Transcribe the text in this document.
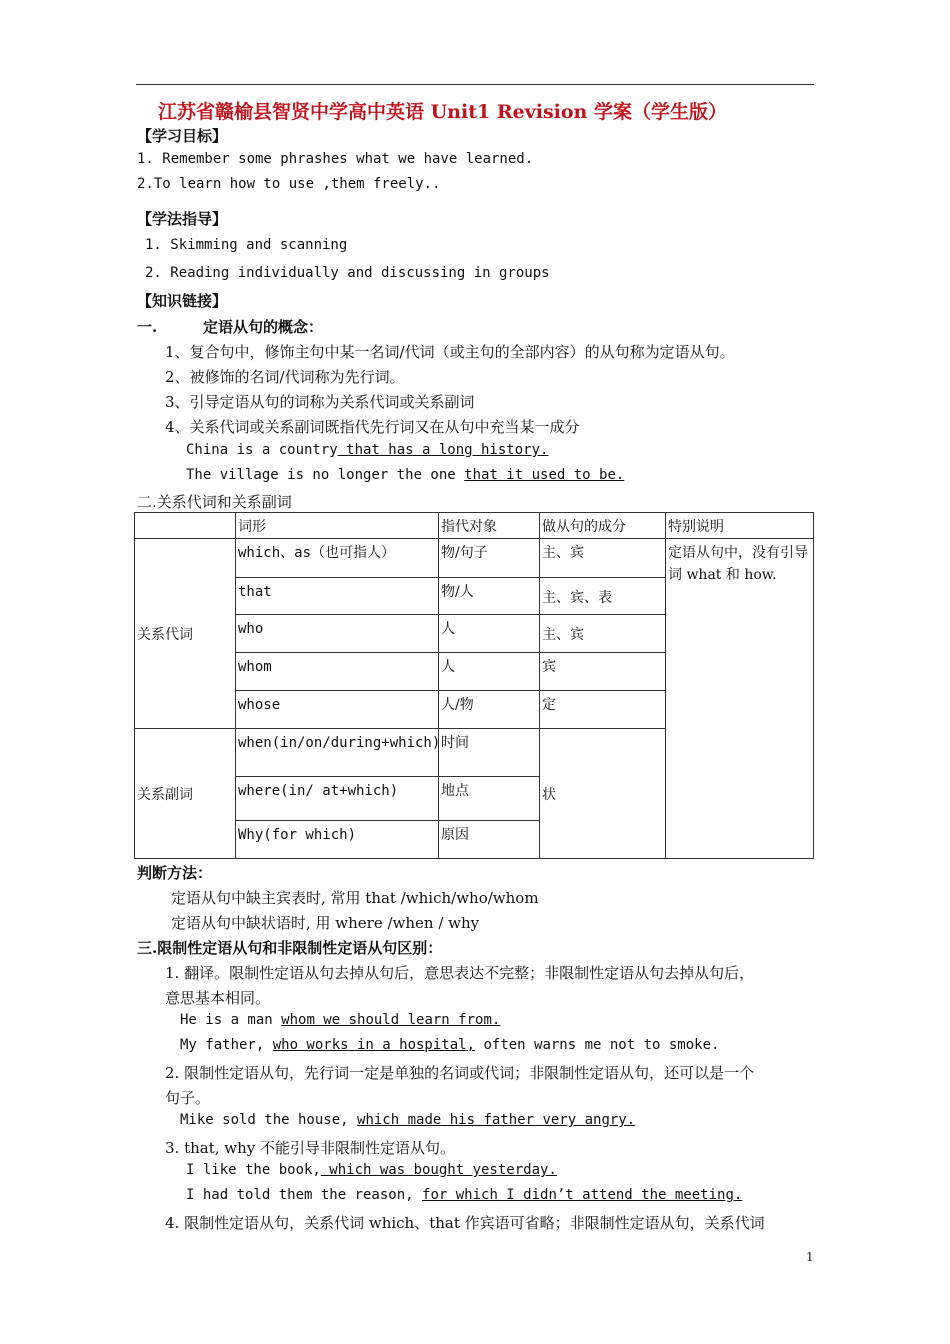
江苏省赣榆县智贤中学高中英语 Unit1 Revision 学案（学生版）
【学习目标】
1. Remember some phrashes what we have learned.
2.To learn how to use ,them freely..
【学法指导】
1. Skimming and scanning
2. Reading individually and discussing in groups
【知识链接】
一.	定语从句的概念：
1、复合句中，修饰主句中某一名词/代词（或主句的全部内容）的从句称为定语从句。
2、被修饰的名词/代词称为先行词。
3、引导定语从句的词称为关系代词或关系副词
4、关系代词或关系副词既指代先行词又在从句中充当某一成分
China is a country that has a long history.
The village is no longer the one that it used to be.
二.关系代词和关系副词
	词形	指代对象	做从句的成分	特别说明
关系代词	which、as（也可指人）	物/句子	主、宾	定语从句中，没有引导词 what 和 how.
	that	物/人	主、宾、表	
	who	人	主、宾	
	whom	人	宾	
	whose	人/物	定	
关系副词	when(in/on/during+which)	时间	状	
	where(in/ at+which)	地点		
	Why(for which)	原因		
判断方法：
定语从句中缺主宾表时, 常用 that /which/who/whom
定语从句中缺状语时, 用 where /when / why
三.限制性定语从句和非限制性定语从句区别：
1. 翻译。限制性定语从句去掉从句后，意思表达不完整；非限制性定语从句去掉从句后，
意思基本相同。
He is a man whom we should learn from.
My father, who works in a hospital, often warns me not to smoke.
2. 限制性定语从句，先行词一定是单独的名词或代词；非限制性定语从句，还可以是一个
句子。
Mike sold the house, which made his father very angry.
3. that, why 不能引导非限制性定语从句。
I like the book, which was bought yesterday.
I had told them the reason, for which I didn’t attend the meeting.
4. 限制性定语从句，关系代词 which、that 作宾语可省略；非限制性定语从句，关系代词
1
